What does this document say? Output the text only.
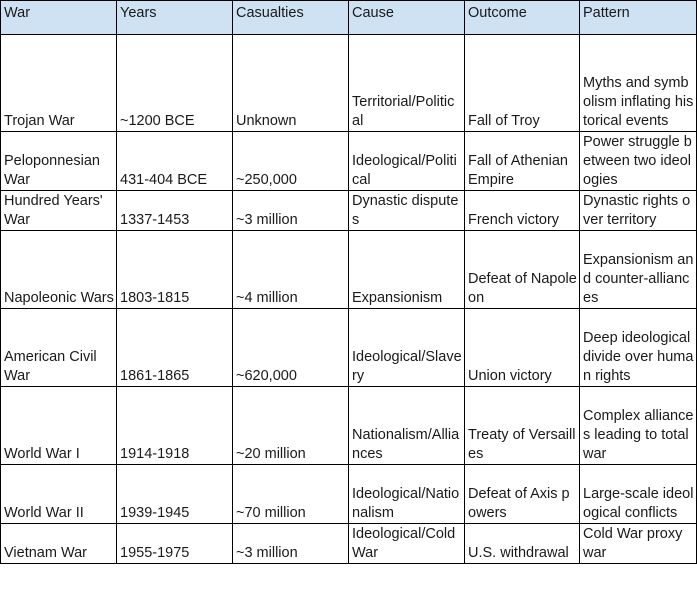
War	Years	Casualties	Cause	Outcome	Pattern
Trojan War	~1200 BCE	Unknown	Territorial/Political	Fall of Troy	Myths and symbolism inflating historical events
Peloponnesian War	431-404 BCE	~250,000	Ideological/Political	Fall of Athenian Empire	Power struggle between two ideologies
Hundred Years' War	1337-1453	~3 million	Dynastic disputes	French victory	Dynastic rights over territory
Napoleonic Wars	1803-1815	~4 million	Expansionism	Defeat of Napoleon	Expansionism and counter-alliances
American Civil War	1861-1865	~620,000	Ideological/Slavery	Union victory	Deep ideological divide over human rights
World War I	1914-1918	~20 million	Nationalism/Alliances	Treaty of Versailles	Complex alliances leading to total war
World War II	1939-1945	~70 million	Ideological/Nationalism	Defeat of Axis powers	Large-scale ideological conflicts
Vietnam War	1955-1975	~3 million	Ideological/Cold War	U.S. withdrawal	Cold War proxy war
